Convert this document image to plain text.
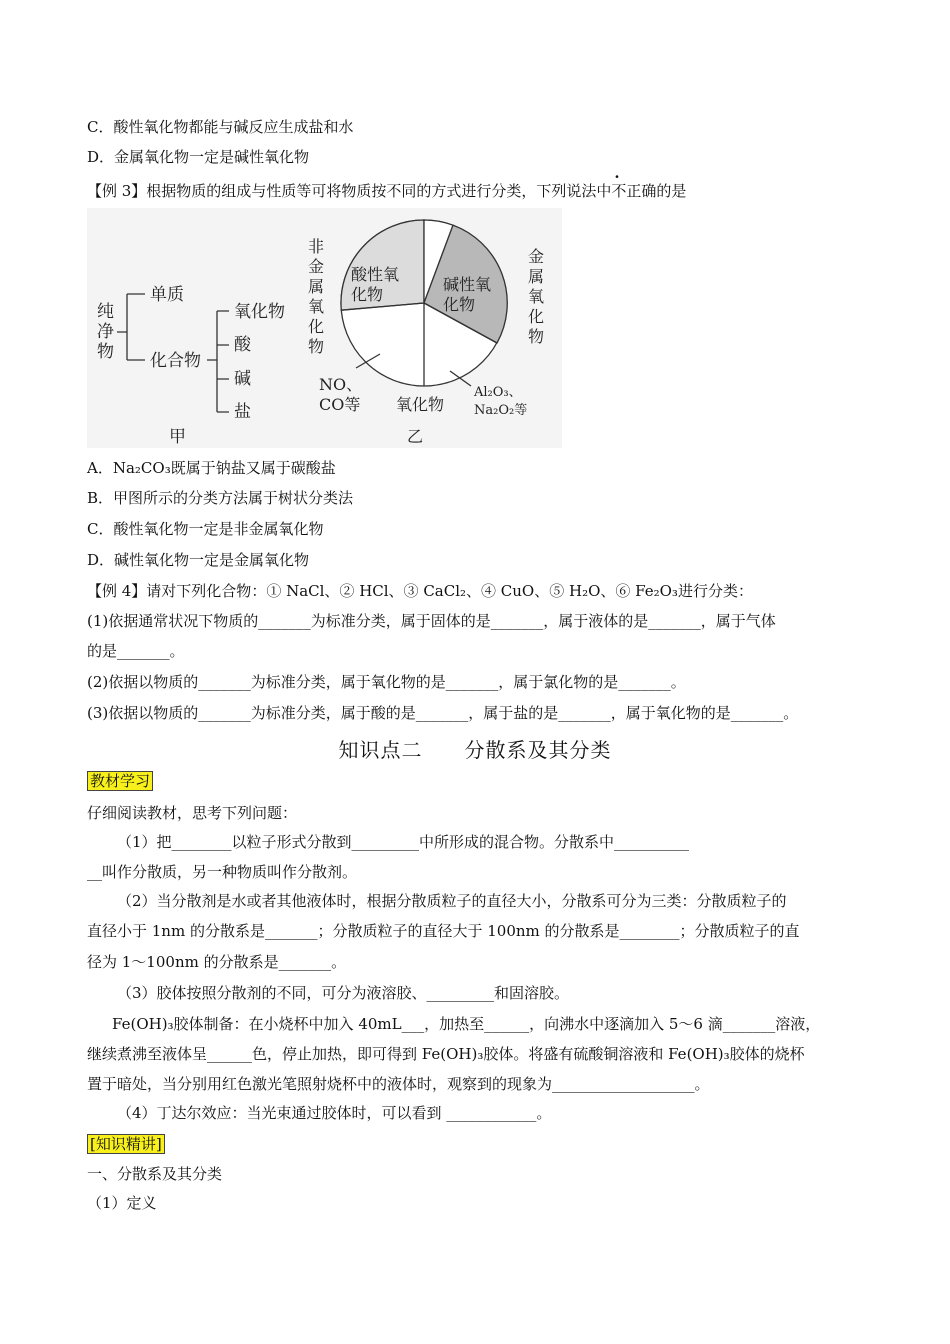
C．酸性氧化物都能与碱反应生成盐和水
D．金属氧化物一定是碱性氧化物
【例 3】根据物质的组成与性质等可将物质按不同的方式进行分类，下列说法中不正确的是
纯
净
物
单质
化合物
氧化物
酸
碱
盐
甲
非
金
属
氧
化
物
金
属
氧
化
物
酸性氧
化物
碱性氧
化物
NO、
CO等 氧化物
乙
Al₂O₃、
Na₂O₂等
A．Na₂CO₃既属于钠盐又属于碳酸盐
B．甲图所示的分类方法属于树状分类法
C．酸性氧化物一定是非金属氧化物
D．碱性氧化物一定是金属氧化物
【例 4】请对下列化合物：① NaCl、② HCl、③ CaCl₂、④ CuO、⑤ H₂O、⑥ Fe₂O₃进行分类：
(1)依据通常状况下物质的_______为标准分类，属于固体的是_______，属于液体的是_______，属于气体
的是_______。
(2)依据以物质的_______为标准分类，属于氧化物的是_______，属于氯化物的是_______。
(3)依据以物质的_______为标准分类，属于酸的是_______，属于盐的是_______，属于氧化物的是_______。
知识点二　　分散系及其分类
教材学习
仔细阅读教材，思考下列问题：
（1）把________以粒子形式分散到_________中所形成的混合物。分散系中__________
__叫作分散质，另一种物质叫作分散剂。
（2）当分散剂是水或者其他液体时，根据分散质粒子的直径大小，分散系可分为三类：分散质粒子的
直径小于 1nm 的分散系是_______；分散质粒子的直径大于 100nm 的分散系是________；分散质粒子的直
径为 1～100nm 的分散系是_______。
（3）胶体按照分散剂的不同，可分为液溶胶、_________和固溶胶。
Fe(OH)₃胶体制备：在小烧杯中加入 40mL___，加热至______，向沸水中逐滴加入 5～6 滴_______溶液，
继续煮沸至液体呈______色，停止加热，即可得到 Fe(OH)₃胶体。将盛有硫酸铜溶液和 Fe(OH)₃胶体的烧杯
置于暗处，当分别用红色激光笔照射烧杯中的液体时，观察到的现象为___________________。
（4）丁达尔效应：当光束通过胶体时，可以看到 ____________。
[知识精讲]
一、分散系及其分类
（1）定义
